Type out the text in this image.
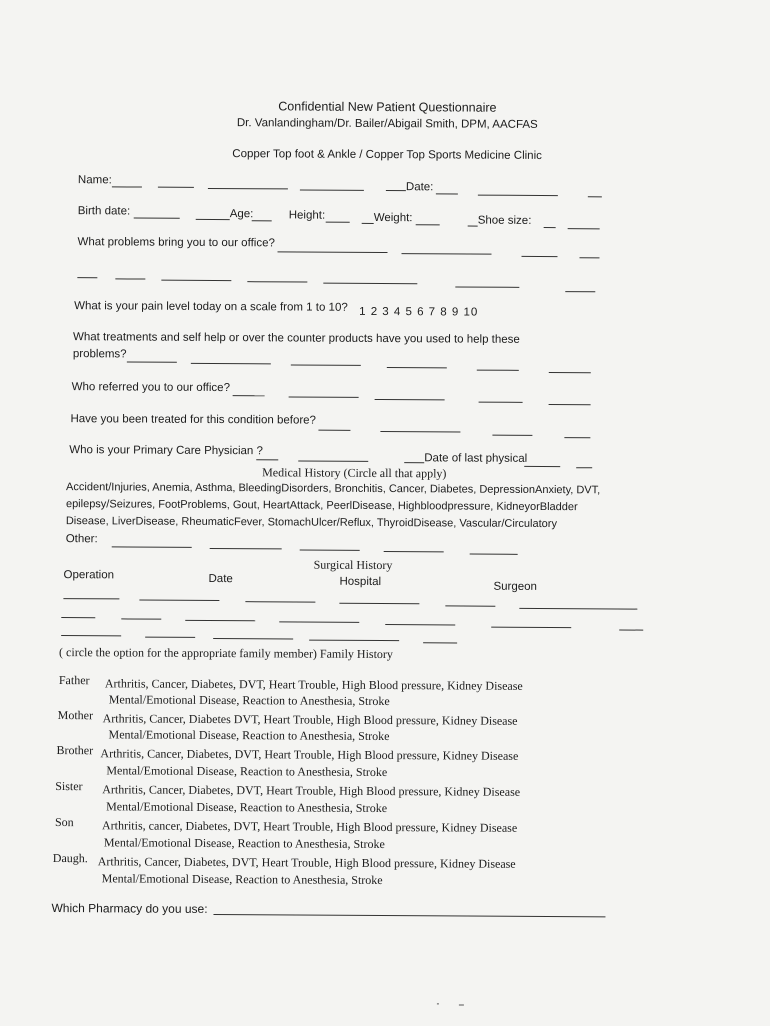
Confidential New Patient Questionnaire
Dr. Vanlandingham/Dr. Bailer/Abigail Smith, DPM, AACFAS
Copper Top foot & Ankle / Copper Top Sports Medicine Clinic
Name:
Date:
Birth date:	Age:	Height:	Weight:	Shoe size:
What problems bring you to our office?
What is your pain level today on a scale from 1 to 10? 1 2 3 4 5 6 7 8 9 10
What treatments and self help or over the counter products have you used to help these
problems?
Who referred you to our office?
Have you been treated for this condition before?
Who is your Primary Care Physician ?
Date of last physical
Medical History (Circle all that apply)
Accident/Injuries, Anemia, Asthma, BleedingDisorders, Bronchitis, Cancer, Diabetes, DepressionAnxiety, DVT,
epilepsy/Seizures, FootProblems, Gout, HeartAttack, PeerlDisease, Highbloodpressure, KidneyorBladder
Disease, LiverDisease, RheumaticFever, StomachUlcer/Reflux, ThyroidDisease, Vascular/Circulatory
Other:
Surgical History
Operation	Date	Hospital	Surgeon
( circle the option for the appropriate family member) Family History
Father Arthritis, Cancer, Diabetes, DVT, Heart Trouble, High Blood pressure, Kidney Disease
Mental/Emotional Disease, Reaction to Anesthesia, Stroke
Mother Arthritis, Cancer, Diabetes DVT, Heart Trouble, High Blood pressure, Kidney Disease
Mental/Emotional Disease, Reaction to Anesthesia, Stroke
Brother Arthritis, Cancer, Diabetes, DVT, Heart Trouble, High Blood pressure, Kidney Disease
Mental/Emotional Disease, Reaction to Anesthesia, Stroke
Sister Arthritis, Cancer, Diabetes, DVT, Heart Trouble, High Blood pressure, Kidney Disease
Mental/Emotional Disease, Reaction to Anesthesia, Stroke
Son Arthritis, cancer, Diabetes, DVT, Heart Trouble, High Blood pressure, Kidney Disease
Mental/Emotional Disease, Reaction to Anesthesia, Stroke
Daugh. Arthritis, Cancer, Diabetes, DVT, Heart Trouble, High Blood pressure, Kidney Disease
Mental/Emotional Disease, Reaction to Anesthesia, Stroke
Which Pharmacy do you use:
